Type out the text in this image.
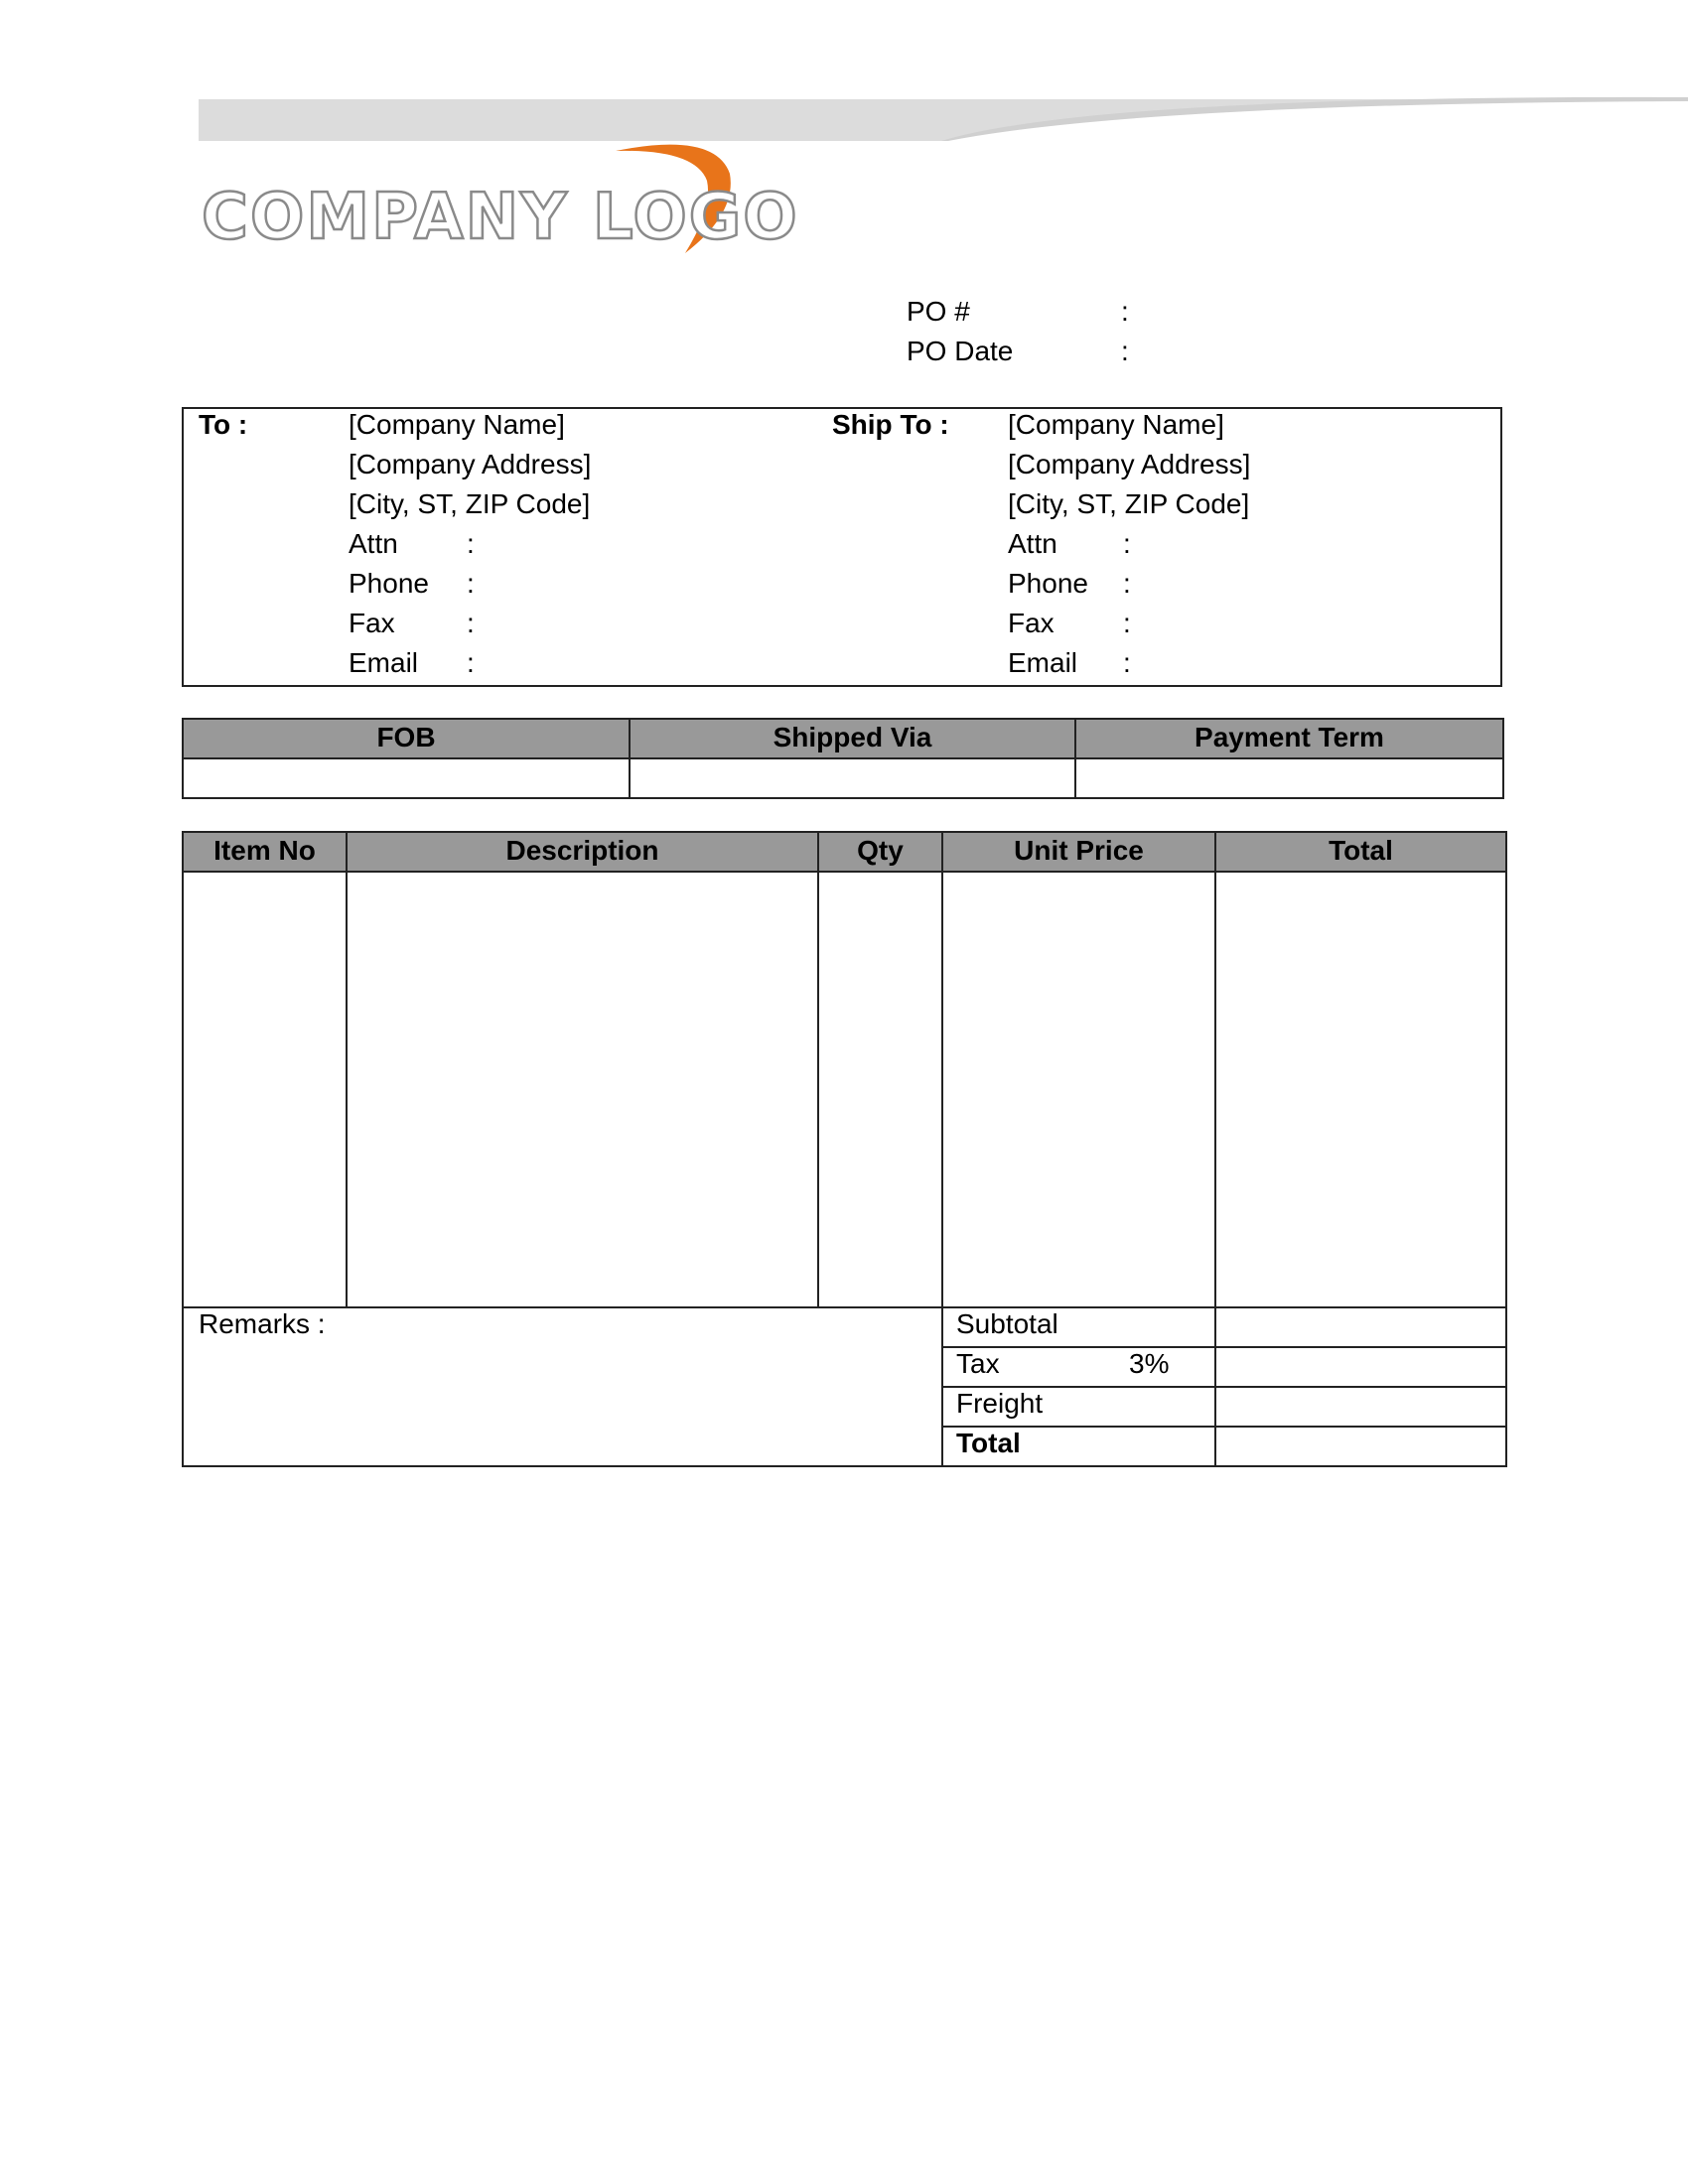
COMPANY LOGO
PO #	:
PO Date	:
To :	[Company Name]
[Company Address]
[City, ST, ZIP Code]
Attn :
Phone :
Fax	:
Email :
Ship To : [Company Name]
[Company Address]
[City, ST, ZIP Code]
Attn :
Phone :
Fax :
Email :
FOB	Shipped Via	Payment Term
Item No	Description	Qty	Unit Price	Total
Remarks :	Subtotal
Tax	3%
Freight
Total
